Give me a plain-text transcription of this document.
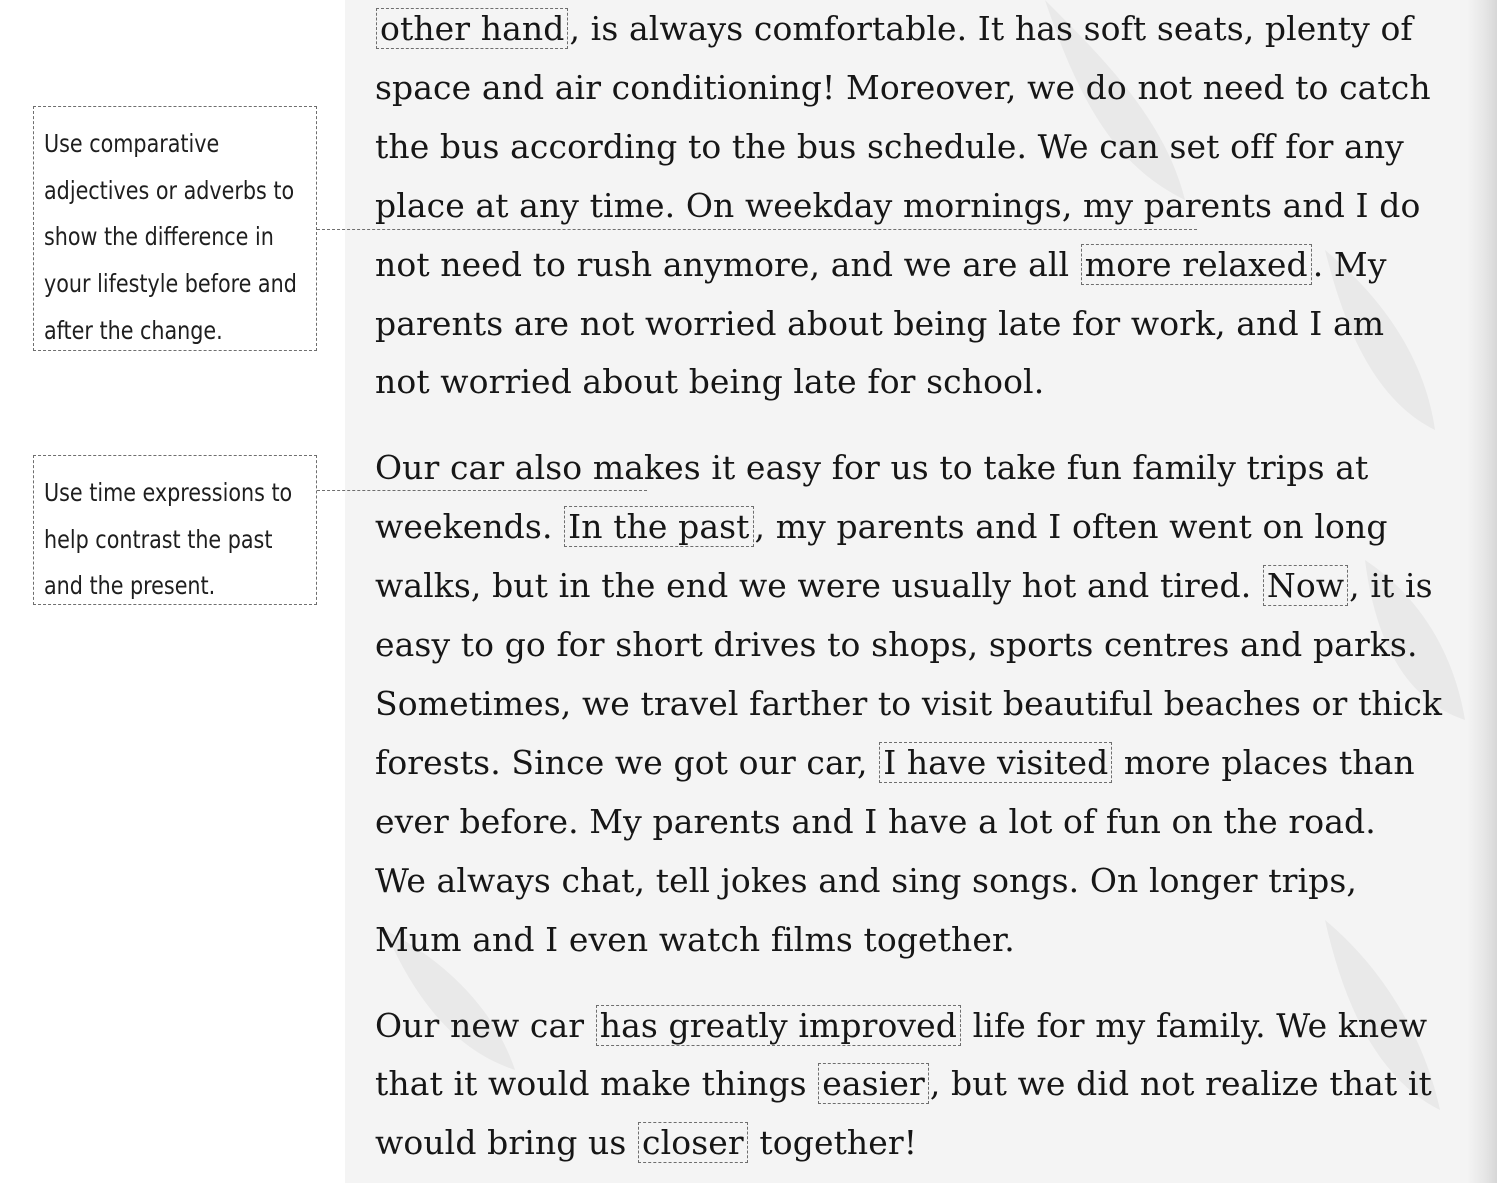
Use comparative
adjectives or adverbs to
show the difference in
your lifestyle before and
after the change.
Use time expressions to
help contrast the past
and the present.

other hand , is always comfortable. It has soft seats, plenty of
space and air conditioning! Moreover, we do not need to catch
the bus according to the bus schedule. We can set off for any
place at any time. On weekday mornings, my parents and I do
not need to rush anymore, and we are all more relaxed . My
parents are not worried about being late for work, and I am
not worried about being late for school.

Our car also makes it easy for us to take fun family trips at
weekends. In the past , my parents and I often went on long
walks, but in the end we were usually hot and tired. Now , it is
easy to go for short drives to shops, sports centres and parks.
Sometimes, we travel farther to visit beautiful beaches or thick
forests. Since we got our car, I have visited more places than
ever before. My parents and I have a lot of fun on the road.
We always chat, tell jokes and sing songs. On longer trips,
Mum and I even watch films together.

Our new car has greatly improved life for my family. We knew
that it would make things easier , but we did not realize that it
would bring us closer together!
